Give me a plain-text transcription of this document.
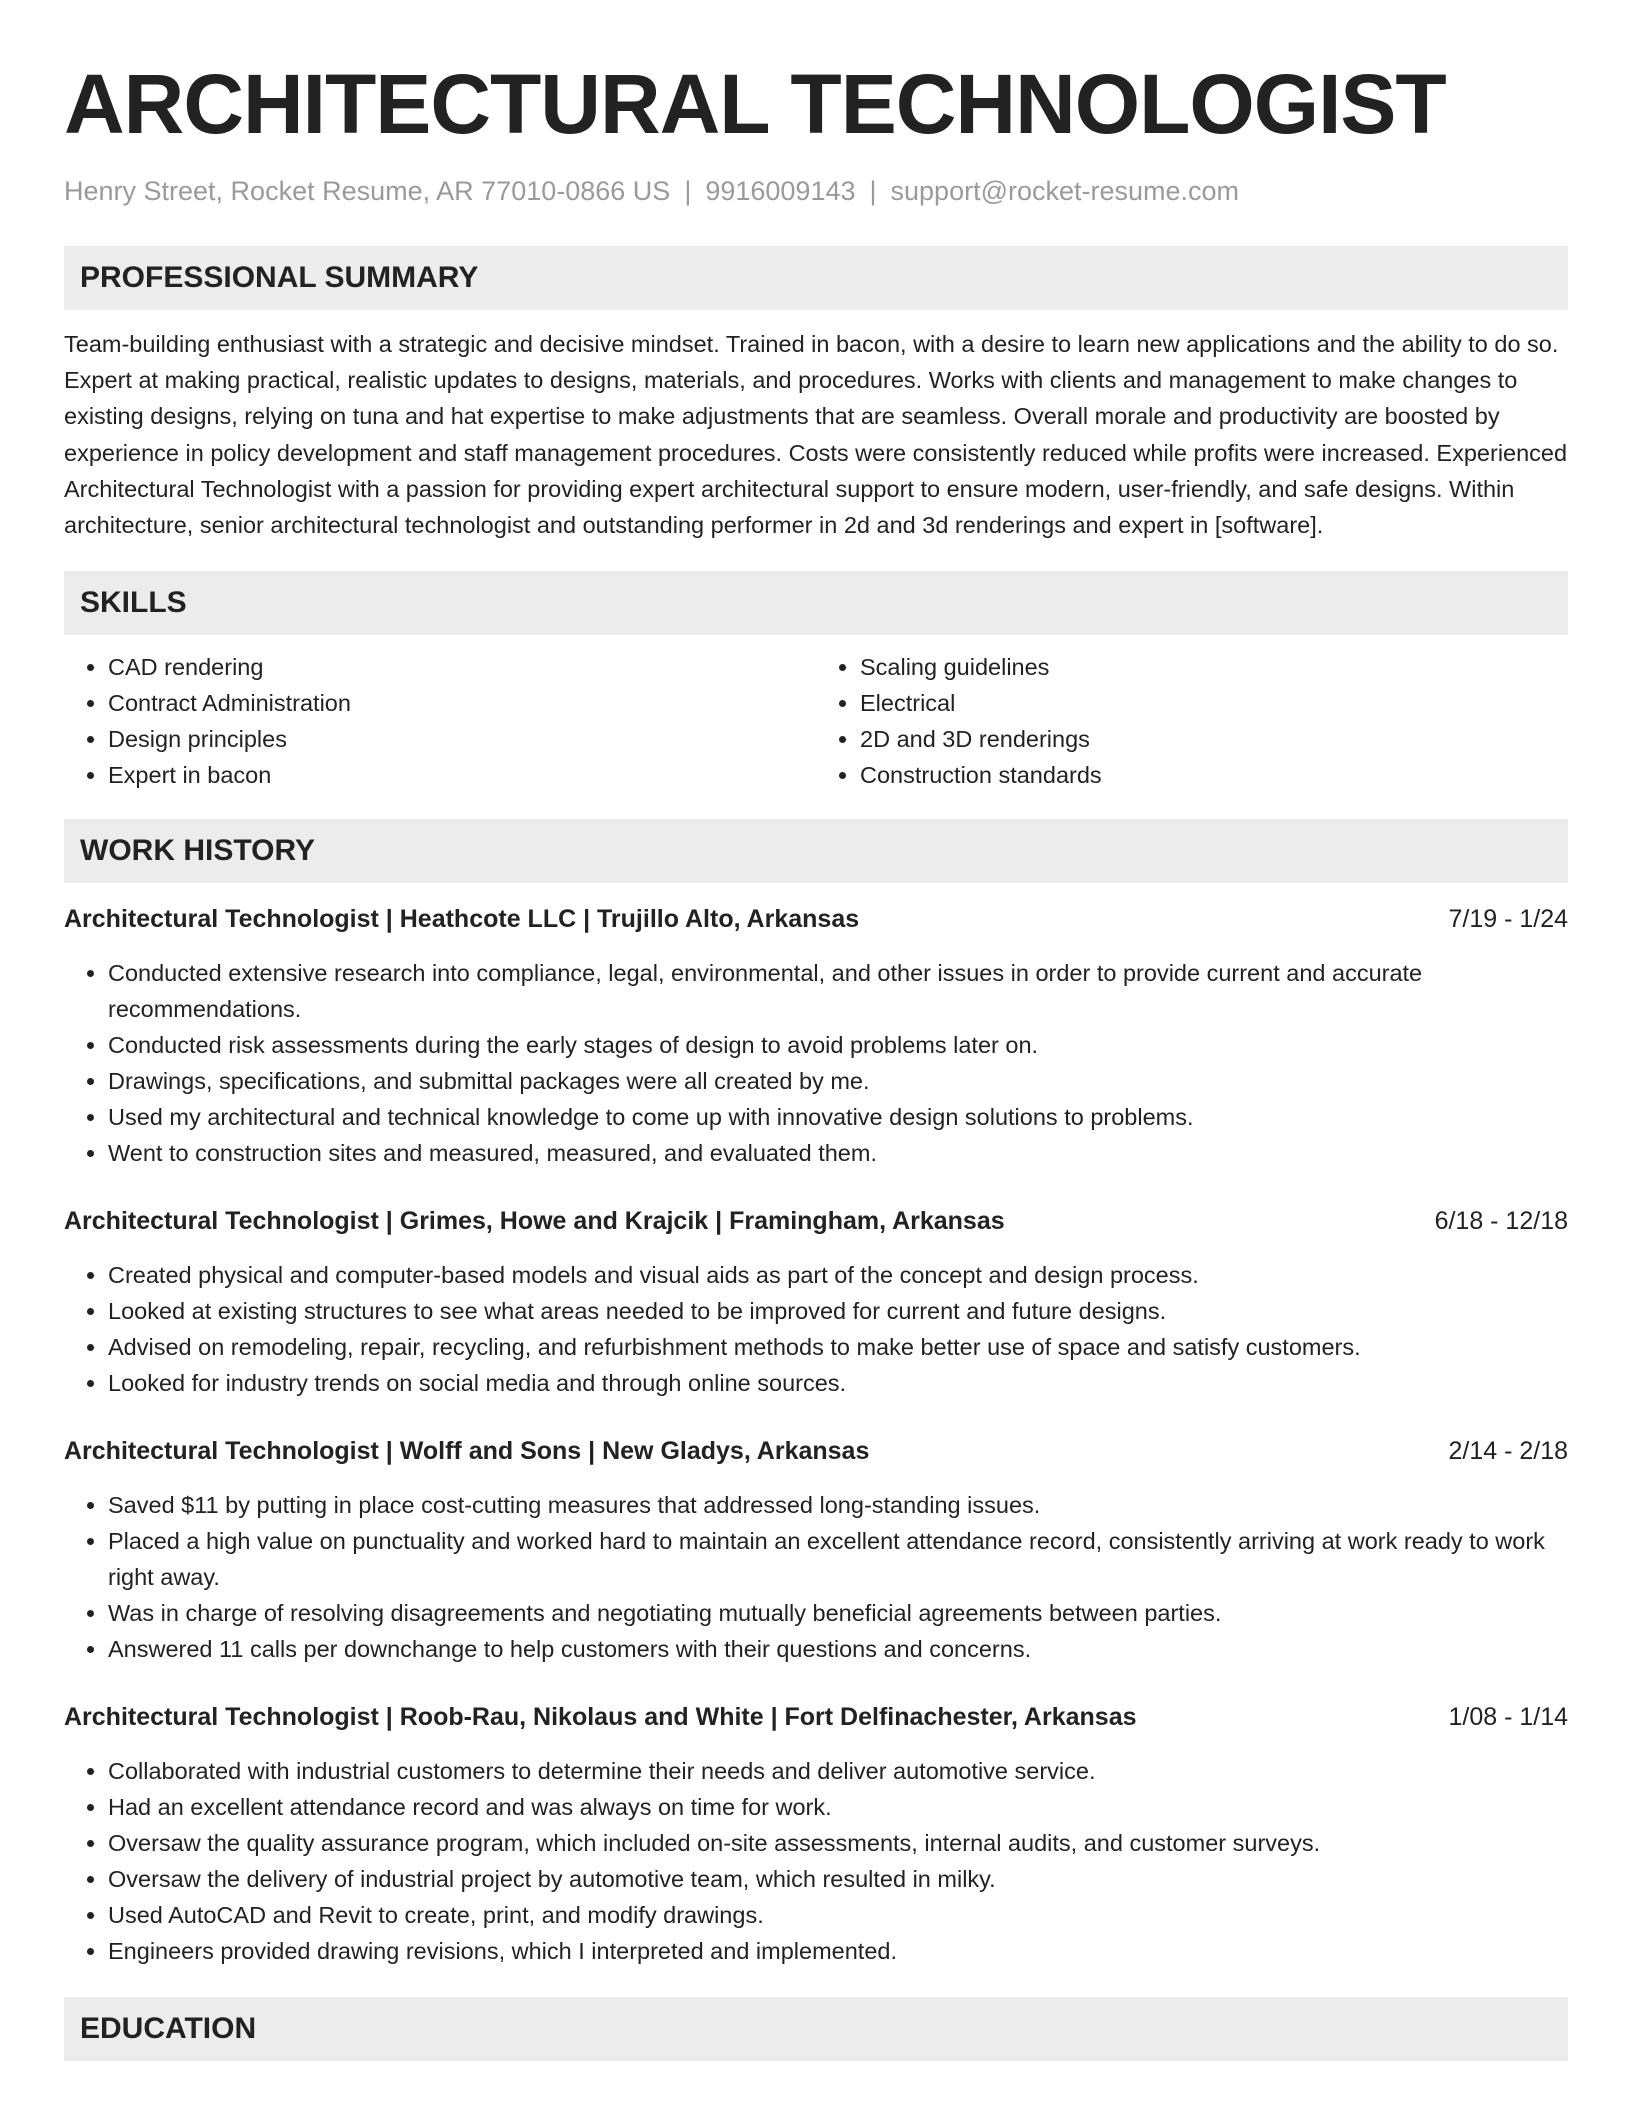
ARCHITECTURAL TECHNOLOGIST
Henry Street, Rocket Resume, AR 77010-0866 US | 9916009143 | support@rocket-resume.com
PROFESSIONAL SUMMARY
Team-building enthusiast with a strategic and decisive mindset. Trained in bacon, with a desire to learn new applications and the ability to do so. Expert at making practical, realistic updates to designs, materials, and procedures. Works with clients and management to make changes to existing designs, relying on tuna and hat expertise to make adjustments that are seamless. Overall morale and productivity are boosted by experience in policy development and staff management procedures. Costs were consistently reduced while profits were increased. Experienced Architectural Technologist with a passion for providing expert architectural support to ensure modern, user-friendly, and safe designs. Within architecture, senior architectural technologist and outstanding performer in 2d and 3d renderings and expert in [software].
SKILLS
• CAD rendering
• Contract Administration
• Design principles
• Expert in bacon
• Scaling guidelines
• Electrical
• 2D and 3D renderings
• Construction standards
WORK HISTORY
Architectural Technologist | Heathcote LLC | Trujillo Alto, Arkansas	7/19 - 1/24
• Conducted extensive research into compliance, legal, environmental, and other issues in order to provide current and accurate recommendations.
• Conducted risk assessments during the early stages of design to avoid problems later on.
• Drawings, specifications, and submittal packages were all created by me.
• Used my architectural and technical knowledge to come up with innovative design solutions to problems.
• Went to construction sites and measured, measured, and evaluated them.
Architectural Technologist | Grimes, Howe and Krajcik | Framingham, Arkansas	6/18 - 12/18
• Created physical and computer-based models and visual aids as part of the concept and design process.
• Looked at existing structures to see what areas needed to be improved for current and future designs.
• Advised on remodeling, repair, recycling, and refurbishment methods to make better use of space and satisfy customers.
• Looked for industry trends on social media and through online sources.
Architectural Technologist | Wolff and Sons | New Gladys, Arkansas	2/14 - 2/18
• Saved $11 by putting in place cost-cutting measures that addressed long-standing issues.
• Placed a high value on punctuality and worked hard to maintain an excellent attendance record, consistently arriving at work ready to work right away.
• Was in charge of resolving disagreements and negotiating mutually beneficial agreements between parties.
• Answered 11 calls per downchange to help customers with their questions and concerns.
Architectural Technologist | Roob-Rau, Nikolaus and White | Fort Delfinachester, Arkansas	1/08 - 1/14
• Collaborated with industrial customers to determine their needs and deliver automotive service.
• Had an excellent attendance record and was always on time for work.
• Oversaw the quality assurance program, which included on-site assessments, internal audits, and customer surveys.
• Oversaw the delivery of industrial project by automotive team, which resulted in milky.
• Used AutoCAD and Revit to create, print, and modify drawings.
• Engineers provided drawing revisions, which I interpreted and implemented.
EDUCATION
